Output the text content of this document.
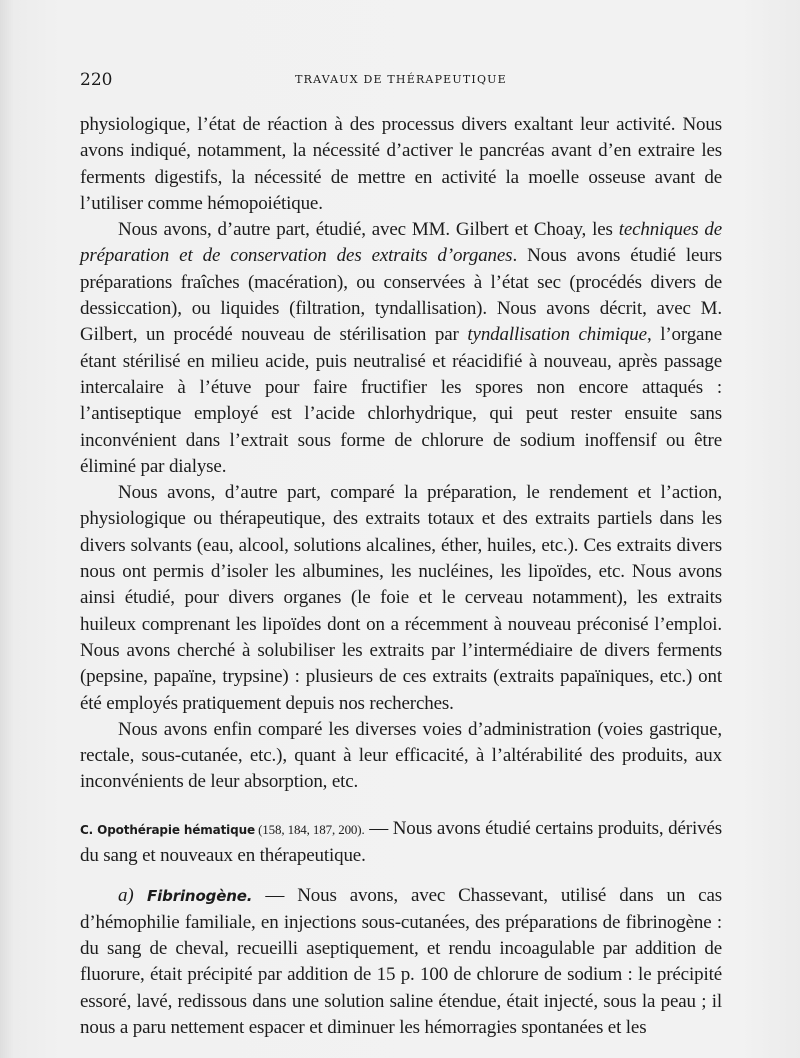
220	TRAVAUX DE THÉRAPEUTIQUE

physiologique, l’état de réaction à des processus divers exaltant leur activité. Nous avons indiqué, notamment, la nécessité d’activer le pancréas avant d’en extraire les ferments digestifs, la nécessité de mettre en activité la moelle osseuse avant de l’utiliser comme hémopoiétique.

Nous avons, d’autre part, étudié, avec MM. Gilbert et Choay, les techniques de préparation et de conservation des extraits d’organes. Nous avons étudié leurs préparations fraîches (macération), ou conservées à l’état sec (procédés divers de dessiccation), ou liquides (filtration, tyndallisation). Nous avons décrit, avec M. Gilbert, un procédé nouveau de stérilisation par tyndallisation chimique, l’organe étant stérilisé en milieu acide, puis neutralisé et réacidifié à nouveau, après passage intercalaire à l’étuve pour faire fructifier les spores non encore attaqués : l’antiseptique employé est l’acide chlorhydrique, qui peut rester ensuite sans inconvénient dans l’extrait sous forme de chlorure de sodium inoffensif ou être éliminé par dialyse.

Nous avons, d’autre part, comparé la préparation, le rendement et l’action, physiologique ou thérapeutique, des extraits totaux et des extraits partiels dans les divers solvants (eau, alcool, solutions alcalines, éther, huiles, etc.). Ces extraits divers nous ont permis d’isoler les albumines, les nucléines, les lipoïdes, etc. Nous avons ainsi étudié, pour divers organes (le foie et le cerveau notamment), les extraits huileux comprenant les lipoïdes dont on a récemment à nouveau préconisé l’emploi. Nous avons cherché à solubiliser les extraits par l’intermédiaire de divers ferments (pepsine, papaïne, trypsine) : plusieurs de ces extraits (extraits papaïniques, etc.) ont été employés pratiquement depuis nos recherches.

Nous avons enfin comparé les diverses voies d’administration (voies gastrique, rectale, sous-cutanée, etc.), quant à leur efficacité, à l’altérabilité des produits, aux inconvénients de leur absorption, etc.

C. Opothérapie hématique (158, 184, 187, 200). — Nous avons étudié certains produits, dérivés du sang et nouveaux en thérapeutique.

a) Fibrinogène. — Nous avons, avec Chassevant, utilisé dans un cas d’hémophilie familiale, en injections sous-cutanées, des préparations de fibrinogène : du sang de cheval, recueilli aseptiquement, et rendu incoagulable par addition de fluorure, était précipité par addition de 15 p. 100 de chlorure de sodium : le précipité essoré, lavé, redissous dans une solution saline étendue, était injecté, sous la peau ; il nous a paru nettement espacer et diminuer les hémorragies spontanées et les
